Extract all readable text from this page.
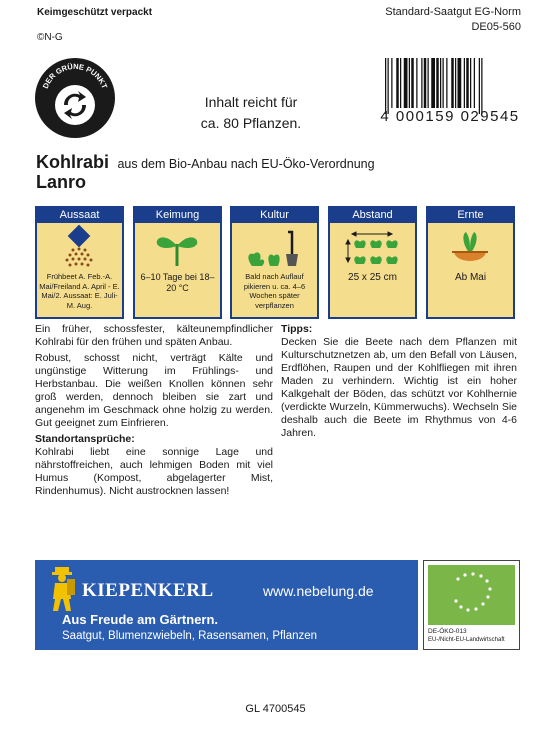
Keimgeschützt verpackt
©N-G
Standard-Saatgut EG-Norm
DE05-560
DER GRÜNE PUNKT
Inhalt reicht für
ca. 80 Pflanzen.	4 000159 029545
Kohlrabi aus dem Bio-Anbau nach EU-Öko-Verordnung
Lanro
Aussaat
Frühbeet A. Feb.-A. Mai/Freiland A. April - E. Mai/2. Aussaat: E. Juli-M. Aug.
Keimung
6–10 Tage bei 18–20 °C
Kultur
Bald nach Auflauf pikieren u. ca. 4–6 Wochen später verpflanzen
Abstand
25 x 25 cm
Ernte
Ab Mai

Ein früher, schossfester, kälteunempfindlicher Kohlrabi für den frühen und späten Anbau.

Robust, schosst nicht, verträgt Kälte und ungünstige Witterung im Frühlings- und Herbstanbau. Die weißen Knollen können sehr groß werden, dennoch bleiben sie zart und angenehm im Geschmack ohne holzig zu werden. Gut geeignet zum Einfrieren.

Standortansprüche:

Kohlrabi liebt eine sonnige Lage und nährstoffreichen, auch lehmigen Boden mit viel Humus (Kompost, abgelagerter Mist, Rindenhumus). Nicht austrocknen lassen!

Tipps:
Decken Sie die Beete nach dem Pflanzen mit Kulturschutznetzen ab, um den Befall von Läusen, Erdflöhen, Raupen und der Kohlfliegen mit ihren Maden zu verhindern. Wichtig ist ein hoher Kalkgehalt der Böden, das schützt vor Kohlhernie (verdickte Wurzeln, Kümmerwuchs). Wechseln Sie deshalb auch die Beete im Rhythmus von 4-6 Jahren.
KIEPENKERL	www.nebelung.de
Aus Freude am Gärtnern.
Saatgut, Blumenzwiebeln, Rasensamen, Pflanzen	DE-ÖKO-013
EU-/Nicht-EU-Landwirtschaft
GL 4700545
